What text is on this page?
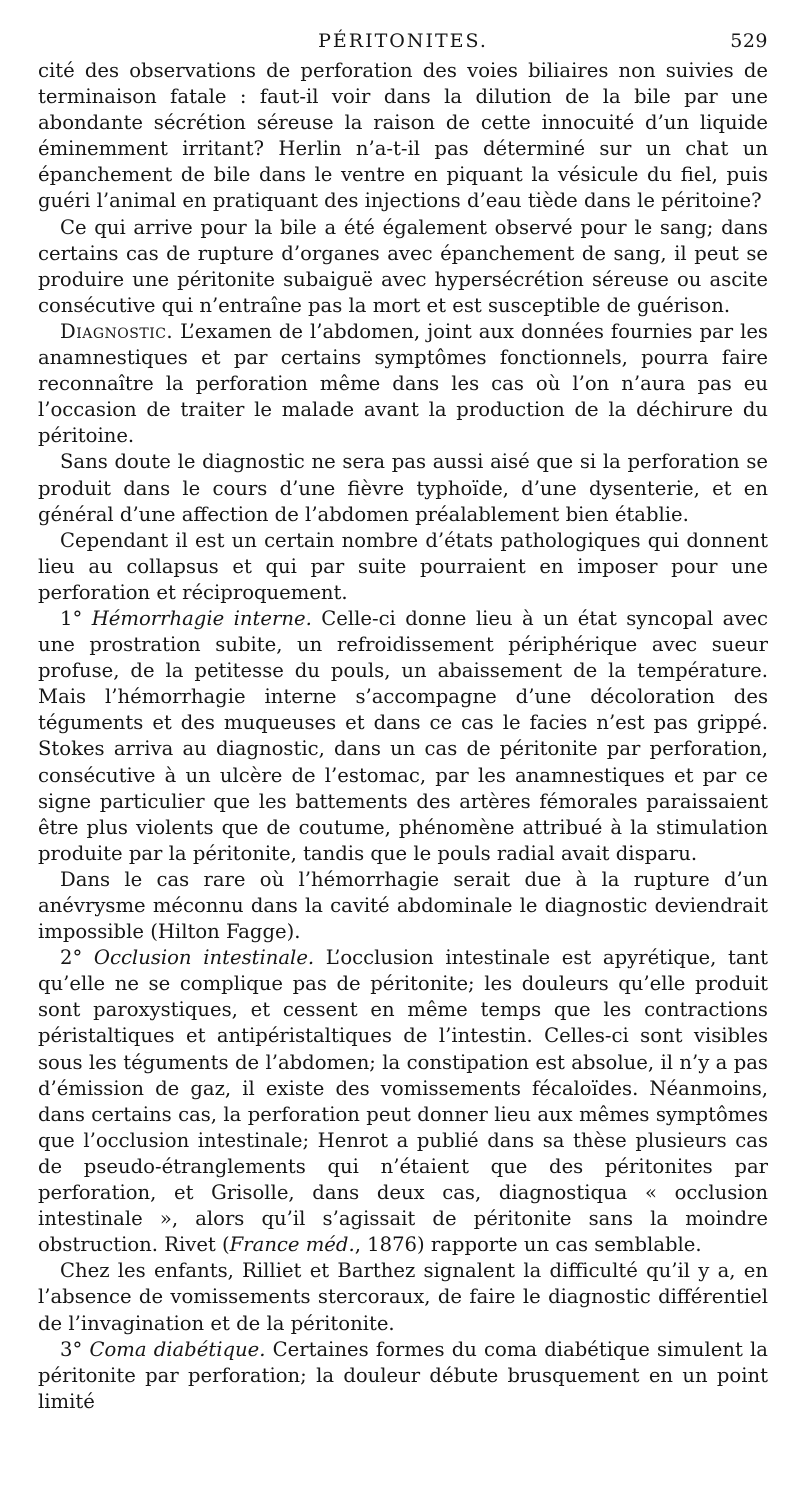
PÉRITONITES.	529

cité des observations de perforation des voies biliaires non suivies de terminaison fatale : faut-il voir dans la dilution de la bile par une abondante sécrétion séreuse la raison de cette innocuité d’un liquide éminemment irritant? Herlin n’a-t-il pas déterminé sur un chat un épanchement de bile dans le ventre en piquant la vésicule du fiel, puis guéri l’animal en pratiquant des injections d’eau tiède dans le péritoine?

Ce qui arrive pour la bile a été également observé pour le sang; dans certains cas de rupture d’organes avec épanchement de sang, il peut se produire une péritonite subaiguë avec hypersécrétion séreuse ou ascite consécutive qui n’entraîne pas la mort et est susceptible de guérison.

Diagnostic. L’examen de l’abdomen, joint aux données fournies par les anamnestiques et par certains symptômes fonctionnels, pourra faire reconnaître la perforation même dans les cas où l’on n’aura pas eu l’occasion de traiter le malade avant la production de la déchirure du péritoine.

Sans doute le diagnostic ne sera pas aussi aisé que si la perforation se produit dans le cours d’une fièvre typhoïde, d’une dysenterie, et en général d’une affection de l’abdomen préalablement bien établie.

Cependant il est un certain nombre d’états pathologiques qui donnent lieu au collapsus et qui par suite pourraient en imposer pour une perforation et réciproquement.

1° Hémorrhagie interne. Celle-ci donne lieu à un état syncopal avec une prostration subite, un refroidissement périphérique avec sueur profuse, de la petitesse du pouls, un abaissement de la température. Mais l’hémorrhagie interne s’accompagne d’une décoloration des téguments et des muqueuses et dans ce cas le facies n’est pas grippé. Stokes arriva au diagnostic, dans un cas de péritonite par perforation, consécutive à un ulcère de l’estomac, par les anamnestiques et par ce signe particulier que les battements des artères fémorales paraissaient être plus violents que de coutume, phénomène attribué à la stimulation produite par la péritonite, tandis que le pouls radial avait disparu.

Dans le cas rare où l’hémorrhagie serait due à la rupture d’un anévrysme méconnu dans la cavité abdominale le diagnostic deviendrait impossible (Hilton Fagge).

2° Occlusion intestinale. L’occlusion intestinale est apyrétique, tant qu’elle ne se complique pas de péritonite; les douleurs qu’elle produit sont paroxystiques, et cessent en même temps que les contractions péristaltiques et antipéristaltiques de l’intestin. Celles-ci sont visibles sous les téguments de l’abdomen; la constipation est absolue, il n’y a pas d’émission de gaz, il existe des vomissements fécaloïdes. Néanmoins, dans certains cas, la perforation peut donner lieu aux mêmes symptômes que l’occlusion intestinale; Henrot a publié dans sa thèse plusieurs cas de pseudo-étranglements qui n’étaient que des péritonites par perforation, et Grisolle, dans deux cas, diagnostiqua « occlusion intestinale », alors qu’il s’agissait de péritonite sans la moindre obstruction. Rivet (France méd., 1876) rapporte un cas semblable.

Chez les enfants, Rilliet et Barthez signalent la difficulté qu’il y a, en l’absence de vomissements stercoraux, de faire le diagnostic différentiel de l’invagination et de la péritonite.

3° Coma diabétique. Certaines formes du coma diabétique simulent la péritonite par perforation; la douleur débute brusquement en un point limité
